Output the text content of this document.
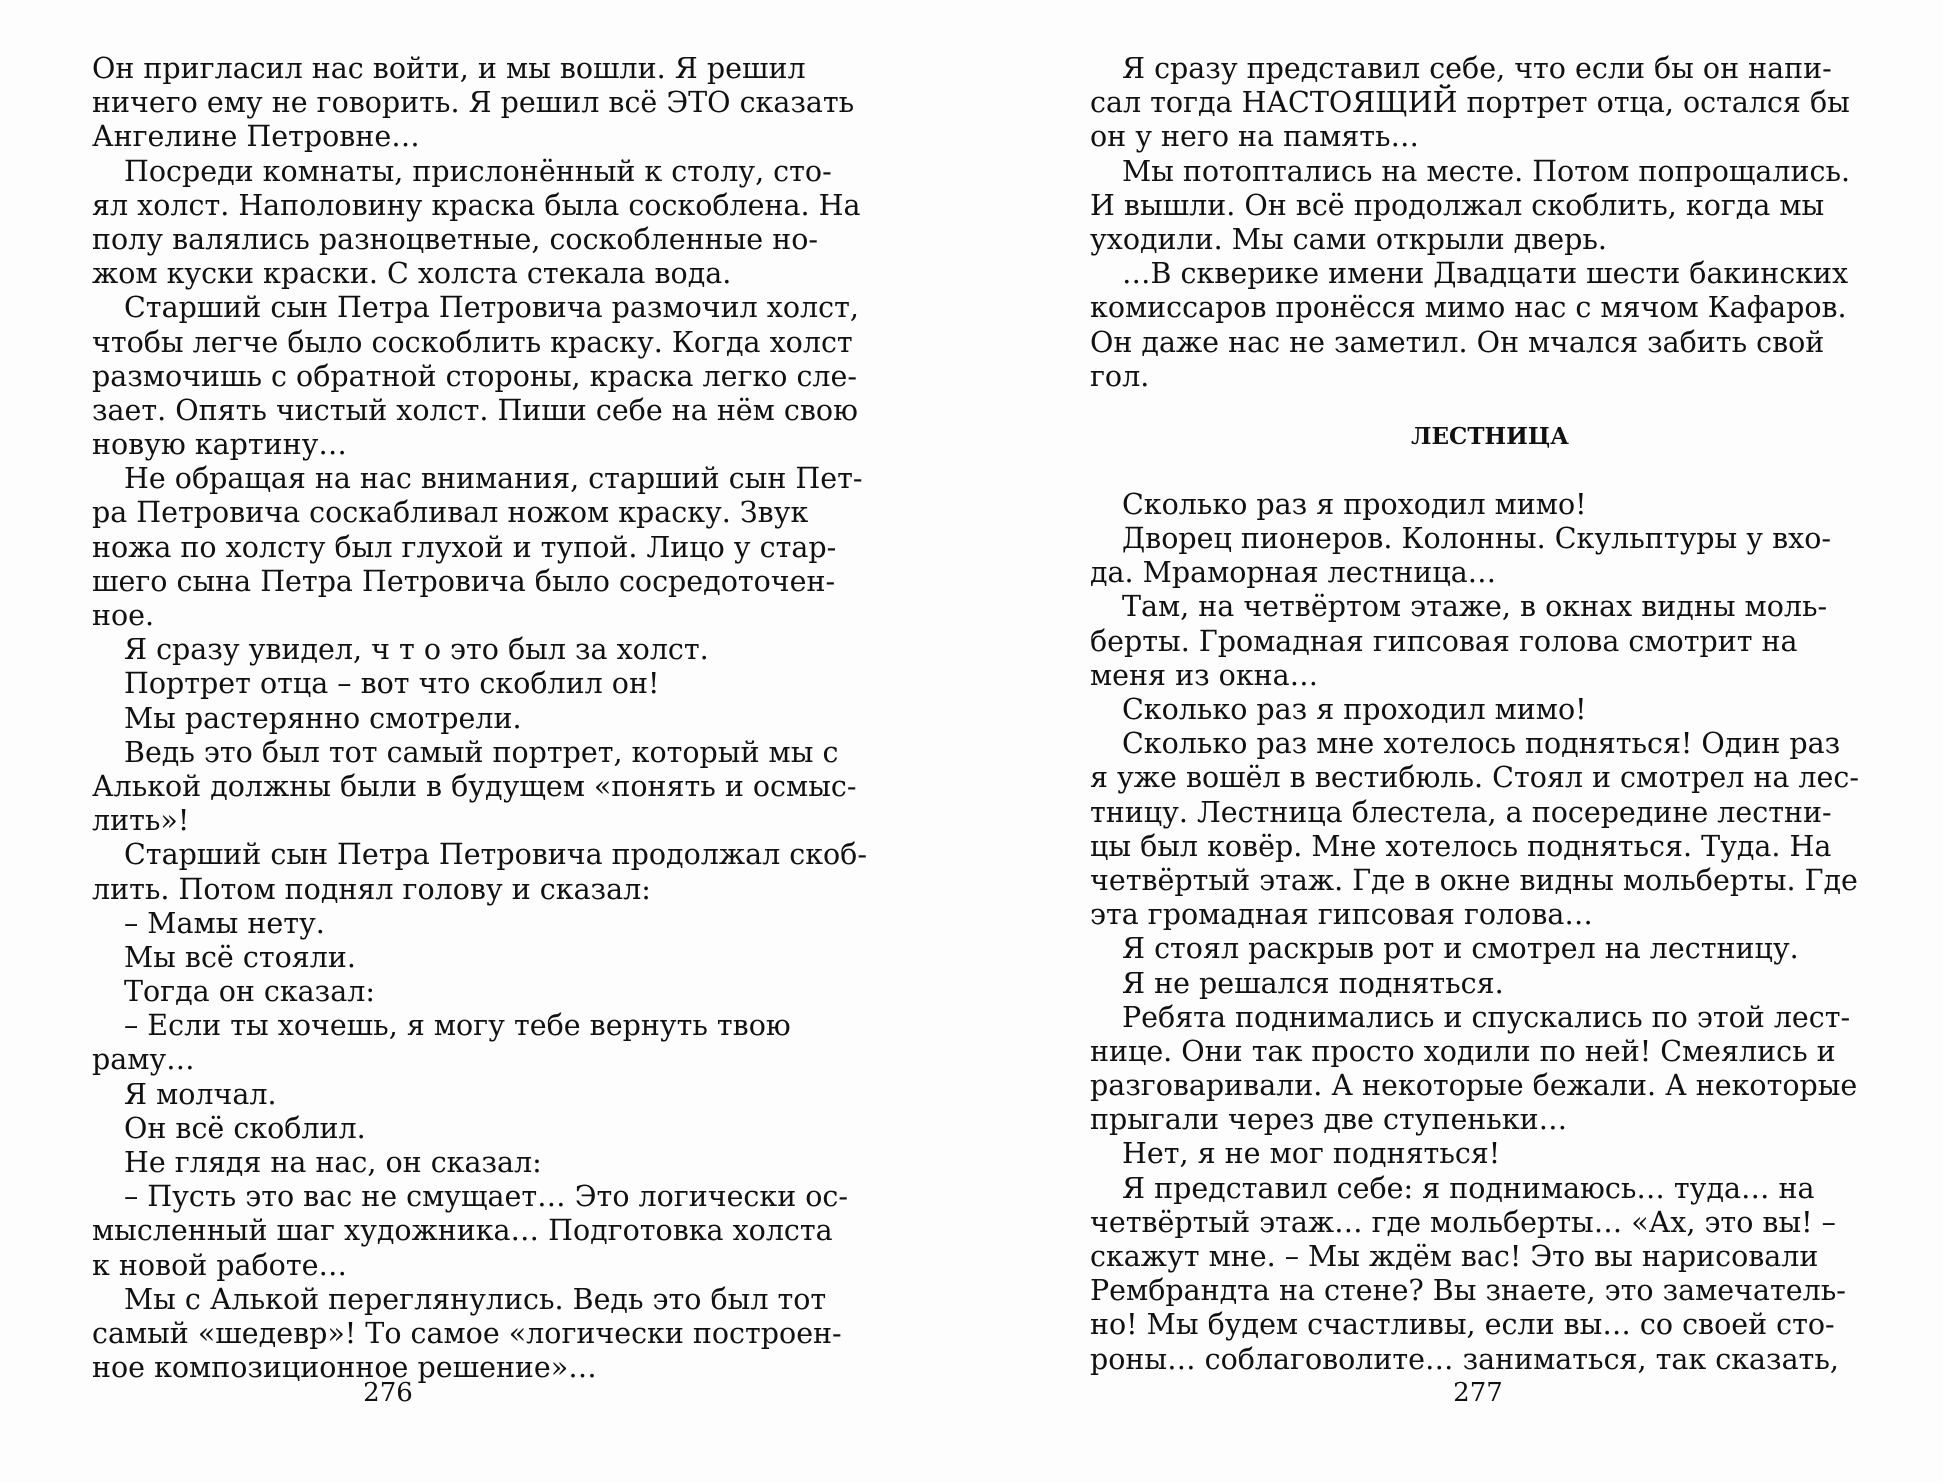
Он пригласил нас войти, и мы вошли. Я решил
ничего ему не говорить. Я решил всё ЭТО сказать
Ангелине Петровне…
Посреди комнаты, прислонённый к столу, сто-
ял холст. Наполовину краска была соскоблена. На
полу валялись разноцветные, соскобленные но-
жом куски краски. С холста стекала вода.
Старший сын Петра Петровича размочил холст,
чтобы легче было соскоблить краску. Когда холст
размочишь с обратной стороны, краска легко сле-
зает. Опять чистый холст. Пиши себе на нём свою
новую картину…
Не обращая на нас внимания, старший сын Пет-
ра Петровича соскабливал ножом краску. Звук
ножа по холсту был глухой и тупой. Лицо у стар-
шего сына Петра Петровича было сосредоточен-
ное.
Я сразу увидел, ч т о это был за холст.
Портрет отца – вот что скоблил он!
Мы растерянно смотрели.
Ведь это был тот самый портрет, который мы с
Алькой должны были в будущем «понять и осмыс-
лить»!
Старший сын Петра Петровича продолжал скоб-
лить. Потом поднял голову и сказал:
– Мамы нету.
Мы всё стояли.
Тогда он сказал:
– Если ты хочешь, я могу тебе вернуть твою
раму…
Я молчал.
Он всё скоблил.
Не глядя на нас, он сказал:
– Пусть это вас не смущает… Это логически ос-
мысленный шаг художника… Подготовка холста
к новой работе…
Мы с Алькой переглянулись. Ведь это был тот
самый «шедевр»! То самое «логически построен-
ное композиционное решение»…
276
Я сразу представил себе, что если бы он напи-
сал тогда НАСТОЯЩИЙ портрет отца, остался бы
он у него на память…
Мы потоптались на месте. Потом попрощались.
И вышли. Он всё продолжал скоблить, когда мы
уходили. Мы сами открыли дверь.
…В скверике имени Двадцати шести бакинских
комиссаров пронёсся мимо нас с мячом Кафаров.
Он даже нас не заметил. Он мчался забить свой
гол.
ЛЕСТНИЦА
Сколько раз я проходил мимо!
Дворец пионеров. Колонны. Скульптуры у вхо-
да. Мраморная лестница…
Там, на четвёртом этаже, в окнах видны моль-
берты. Громадная гипсовая голова смотрит на
меня из окна…
Сколько раз я проходил мимо!
Сколько раз мне хотелось подняться! Один раз
я уже вошёл в вестибюль. Стоял и смотрел на лес-
тницу. Лестница блестела, а посередине лестни-
цы был ковёр. Мне хотелось подняться. Туда. На
четвёртый этаж. Где в окне видны мольберты. Где
эта громадная гипсовая голова…
Я стоял раскрыв рот и смотрел на лестницу.
Я не решался подняться.
Ребята поднимались и спускались по этой лест-
нице. Они так просто ходили по ней! Смеялись и
разговаривали. А некоторые бежали. А некоторые
прыгали через две ступеньки…
Нет, я не мог подняться!
Я представил себе: я поднимаюсь… туда… на
четвёртый этаж… где мольберты… «Ах, это вы! –
скажут мне. – Мы ждём вас! Это вы нарисовали
Рембрандта на стене? Вы знаете, это замечатель-
но! Мы будем счастливы, если вы… со своей сто-
роны… соблаговолите… заниматься, так сказать,
277
